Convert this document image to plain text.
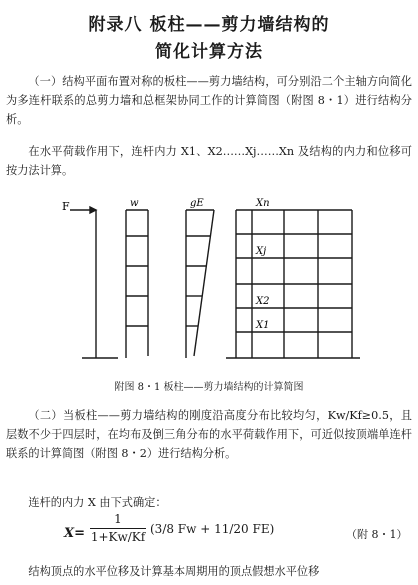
附录八 板柱——剪力墙结构的
简化计算方法
（一）结构平面布置对称的板柱——剪力墙结构，可分别沿二个主轴方向简化为多连杆联系的总剪力墙和总框架协同工作的计算简图（附图 8・1）进行结构分析。
在水平荷载作用下，连杆内力 X1、X2……Xj……Xn 及结构的内力和位移可按力法计算。
F	w	gE	Xn
Xj
X2
X1
附图 8・1 板柱——剪力墙结构的计算简图
（二）当板柱——剪力墙结构的刚度沿高度分布比较均匀，Kw/Kf≥0.5，且层数不少于四层时，在均布及倒三角分布的水平荷载作用下，可近似按顶端单连杆联系的计算简图（附图 8・2）进行结构分析。
连杆的内力 X 由下式确定：
X=
1
1+Kw/Kf
(3/8 Fw + 11/20 FE)	（附 8・1）
结构顶点的水平位移及计算基本周期用的顶点假想水平位移
